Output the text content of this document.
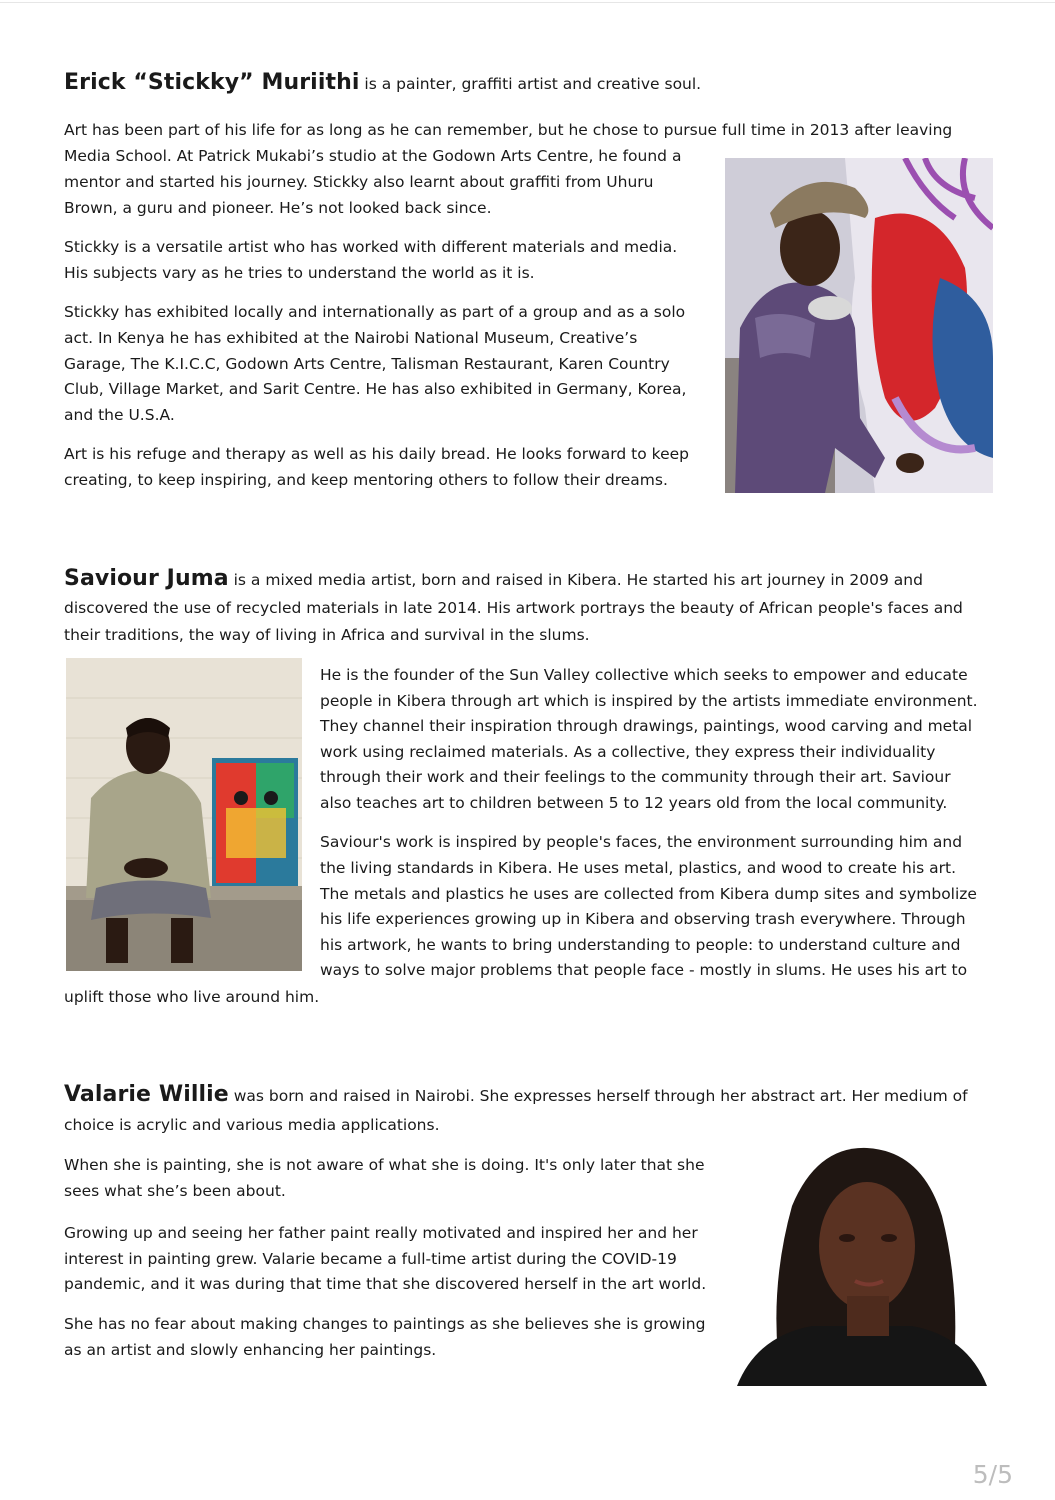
Erick “Stickky” Muriithi is a painter, graffiti artist and creative soul.

Art has been part of his life for as long as he can remember, but he chose to pursue full time in 2013 after leaving

Media School. At Patrick Mukabi’s studio at the Godown Arts Centre, he found a

mentor and started his journey. Stickky also learnt about graffiti from Uhuru

Brown, a guru and pioneer. He’s not looked back since.

Stickky is a versatile artist who has worked with different materials and media.

His subjects vary as he tries to understand the world as it is.

Stickky has exhibited locally and internationally as part of a group and as a solo

act. In Kenya he has exhibited at the Nairobi National Museum, Creative’s

Garage, The K.I.C.C, Godown Arts Centre, Talisman Restaurant, Karen Country

Club, Village Market, and Sarit Centre. He has also exhibited in Germany, Korea,

and the U.S.A.

Art is his refuge and therapy as well as his daily bread. He looks forward to keep

creating, to keep inspiring, and keep mentoring others to follow their dreams.

Saviour Juma is a mixed media artist, born and raised in Kibera. He started his art journey in 2009 and

discovered the use of recycled materials in late 2014. His artwork portrays the beauty of African people's faces and

their traditions, the way of living in Africa and survival in the slums.

He is the founder of the Sun Valley collective which seeks to empower and educate

people in Kibera through art which is inspired by the artists immediate environment.

They channel their inspiration through drawings, paintings, wood carving and metal

work using reclaimed materials. As a collective, they express their individuality

through their work and their feelings to the community through their art. Saviour

also teaches art to children between 5 to 12 years old from the local community.

Saviour's work is inspired by people's faces, the environment surrounding him and

the living standards in Kibera. He uses metal, plastics, and wood to create his art.

The metals and plastics he uses are collected from Kibera dump sites and symbolize

his life experiences growing up in Kibera and observing trash everywhere. Through

his artwork, he wants to bring understanding to people: to understand culture and

ways to solve major problems that people face - mostly in slums. He uses his art to

uplift those who live around him.

Valarie Willie was born and raised in Nairobi. She expresses herself through her abstract art. Her medium of

choice is acrylic and various media applications.

When she is painting, she is not aware of what she is doing. It's only later that she

sees what she’s been about.

Growing up and seeing her father paint really motivated and inspired her and her

interest in painting grew. Valarie became a full-time artist during the COVID-19

pandemic, and it was during that time that she discovered herself in the art world.

She has no fear about making changes to paintings as she believes she is growing

as an artist and slowly enhancing her paintings.

5/5
